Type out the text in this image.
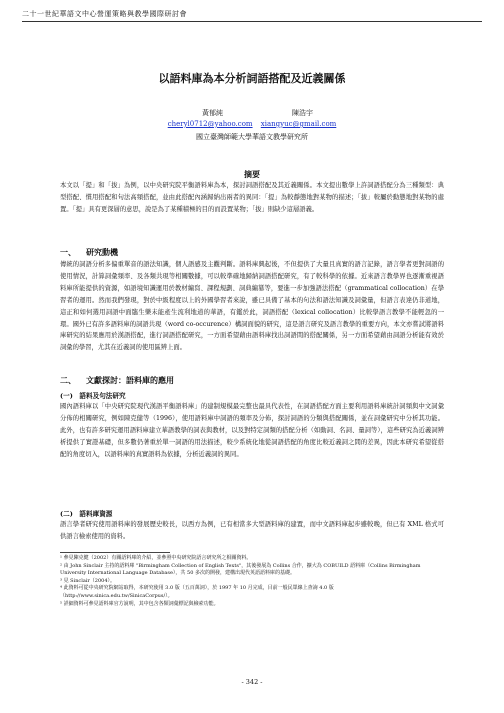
二十一世紀華語文中心營運策略與教學國際研討會
以語料庫為本分析詞語搭配及近義關係
黃郁純	陳浩宇
cheryl0712@yahoo.com xiangyuc@gmail.com
國立臺灣師範大學華語文教學研究所
摘要
本文以「提」和「拔」為例，以中央研究院平衡語料庫為本，探討詞語搭配及其近義關係。本文提出數學上許詞語搭配分為三種類型：典型搭配、慣用搭配和句法高頻搭配，並由此搭配內涵歸納出兩者的異同：「提」為較靜態地對某物的描述；「拔」較屬於動態地對某物的處置。「提」具有更深層的意思，說是為了某種積極的目的而設置某物；「拔」則缺少這層語義。
一、 研究動機
傳統的詞語分析多偏重單音的語法知識，個人語感及主觀判斷。語料庫興起後，不但提供了大量且真實的語言記錄，語言學者更對詞語的使用情況，計算詞彙頻率、及各類共現等相關數據，可以較準確地歸納詞語搭配研究，有了較科學的依據。近來語言教學界也逐漸重視語料庫所能提供的資源，如語境知識運用於教材編寫、課程規劃、詞典編纂等，要進一步加強語法搭配（grammatical collocation）在學習者的運用。然而我們發現，對於中級程度以上的外國學習者來說，雖已具備了基本的句法和語法知識及詞彙量，但語言表達仍非道地，這正和如何選用詞語中面臨生樂未能產生流利地道的華語，有鑑於此，詞語搭配（lexical collocation）比較學語言教學不能輕忽的一環。國外已有許多語料庫的詞語共現（word co-occurence）構詞面貌的研究，這是語言研究及語言教學的重要方向，本文亦嘗試將語料庫研究的結果應用於漢語搭配，進行詞語搭配研究，一方面希望藉由語料庫找出詞語間的搭配關係，另一方面希望藉由詞語分析能有效於詞彙的學習，尤其在近義詞的使用區辨上面。
二、 文獻探討：語料庫的應用
(一)　語料及句法研究
國內語料庫以「中央研究院現代漢語平衡語料庫」的建制規模最完整也最具代表性，在詞語搭配方面主要利用語料庫統計詞頻與中文詞彙分佈的相關研究，例如陳克健等（1996），使用語料庫中詞語的頻率及分佈，探討詞語的分類與搭配關係，並在詞彙研究中分析其功能。此外，也有許多研究運用語料庫建立華語教學的詞表與教材，以及對特定詞類的搭配分析（如動詞、名詞、量詞等），這些研究為近義詞辨析提供了實證基礎，但多數仍著重於單一詞語的用法描述，較少系統化地從詞語搭配的角度比較近義詞之間的差異，因此本研究希望從搭配的角度切入，以語料庫的真實語料為依據，分析近義詞的異同。
(二)　語料庫資源
語言學者研究使用語料庫的發展歷史較長，以西方為例，已有相當多大型語料庫的建置，而中文語料庫起步雖較晚，但已有 XML 格式可供語言檢索使用的資料。
¹ 參見陳克健（2002）有關語料庫的介紹，並參照中央研究院語言研究所之相關資料。
² 由 John Sinclair 主持的語料庫 "Birmingham Collection of English Texts"，其後發展為 Collins 合作，擴大為 COBUILD 語料庫（Collins Birmingham University International Language Database），共 50 多次的開發，建構出現代英語語料庫的基礎。
³ 見 Sinclair（2004）。
⁴ 此資料可從中央研究院網站取得，本研究使用 3.0 版（五百萬詞），於 1997 年 10 月完成，目前一般民眾線上查詢 4.0 版（http://www.sinica.edu.tw/SinicaCorpus/）。
⁵ 詳細資料可參見語料庫官方說明，其中包含各類詞彙標記與檢索功能。
- 342 -
